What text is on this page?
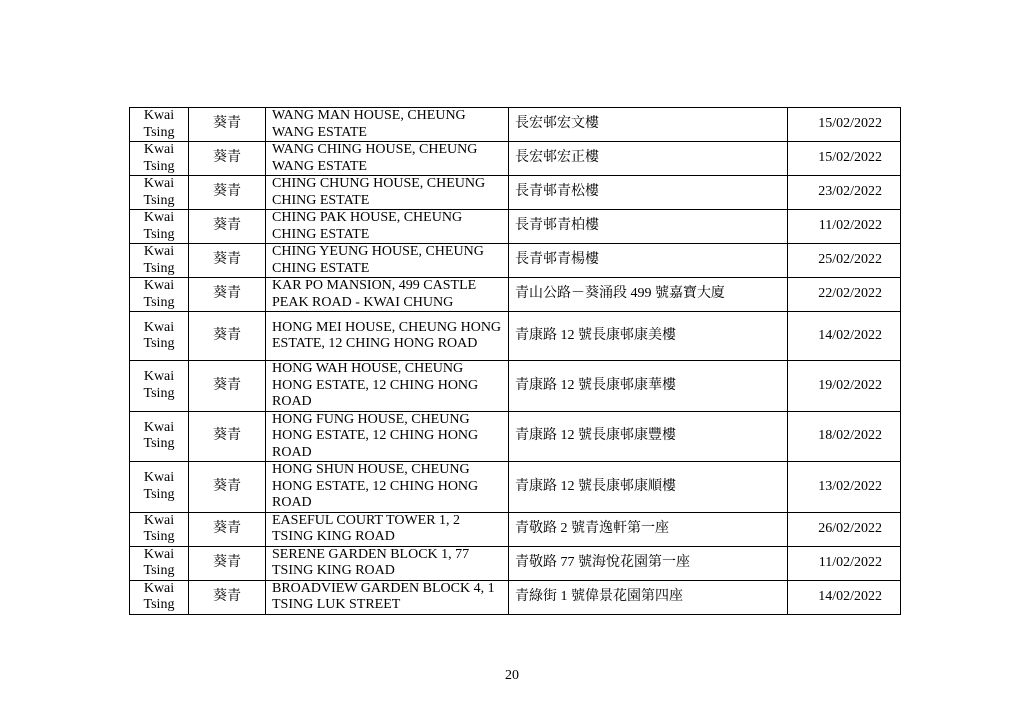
Kwai Tsing	葵青	WANG MAN HOUSE, CHEUNG WANG ESTATE	長宏邨宏文樓	15/02/2022
Kwai Tsing	葵青	WANG CHING HOUSE, CHEUNG WANG ESTATE	長宏邨宏正樓	15/02/2022
Kwai Tsing	葵青	CHING CHUNG HOUSE, CHEUNG CHING ESTATE	長青邨青松樓	23/02/2022
Kwai Tsing	葵青	CHING PAK HOUSE, CHEUNG CHING ESTATE	長青邨青柏樓	11/02/2022
Kwai Tsing	葵青	CHING YEUNG HOUSE, CHEUNG CHING ESTATE	長青邨青楊樓	25/02/2022
Kwai Tsing	葵青	KAR PO MANSION, 499 CASTLE PEAK ROAD - KWAI CHUNG	青山公路－葵涌段 499 號嘉寶大廈	22/02/2022
Kwai Tsing	葵青	HONG MEI HOUSE, CHEUNG HONG ESTATE, 12 CHING HONG ROAD	青康路 12 號長康邨康美樓	14/02/2022
Kwai Tsing	葵青	HONG WAH HOUSE, CHEUNG HONG ESTATE, 12 CHING HONG ROAD	青康路 12 號長康邨康華樓	19/02/2022
Kwai Tsing	葵青	HONG FUNG HOUSE, CHEUNG HONG ESTATE, 12 CHING HONG ROAD	青康路 12 號長康邨康豐樓	18/02/2022
Kwai Tsing	葵青	HONG SHUN HOUSE, CHEUNG HONG ESTATE, 12 CHING HONG ROAD	青康路 12 號長康邨康順樓	13/02/2022
Kwai Tsing	葵青	EASEFUL COURT TOWER 1, 2 TSING KING ROAD	青敬路 2 號青逸軒第一座	26/02/2022
Kwai Tsing	葵青	SERENE GARDEN BLOCK 1, 77 TSING KING ROAD	青敬路 77 號海悅花園第一座	11/02/2022
Kwai Tsing	葵青	BROADVIEW GARDEN BLOCK 4, 1 TSING LUK STREET	青綠街 1 號偉景花園第四座	14/02/2022
20
